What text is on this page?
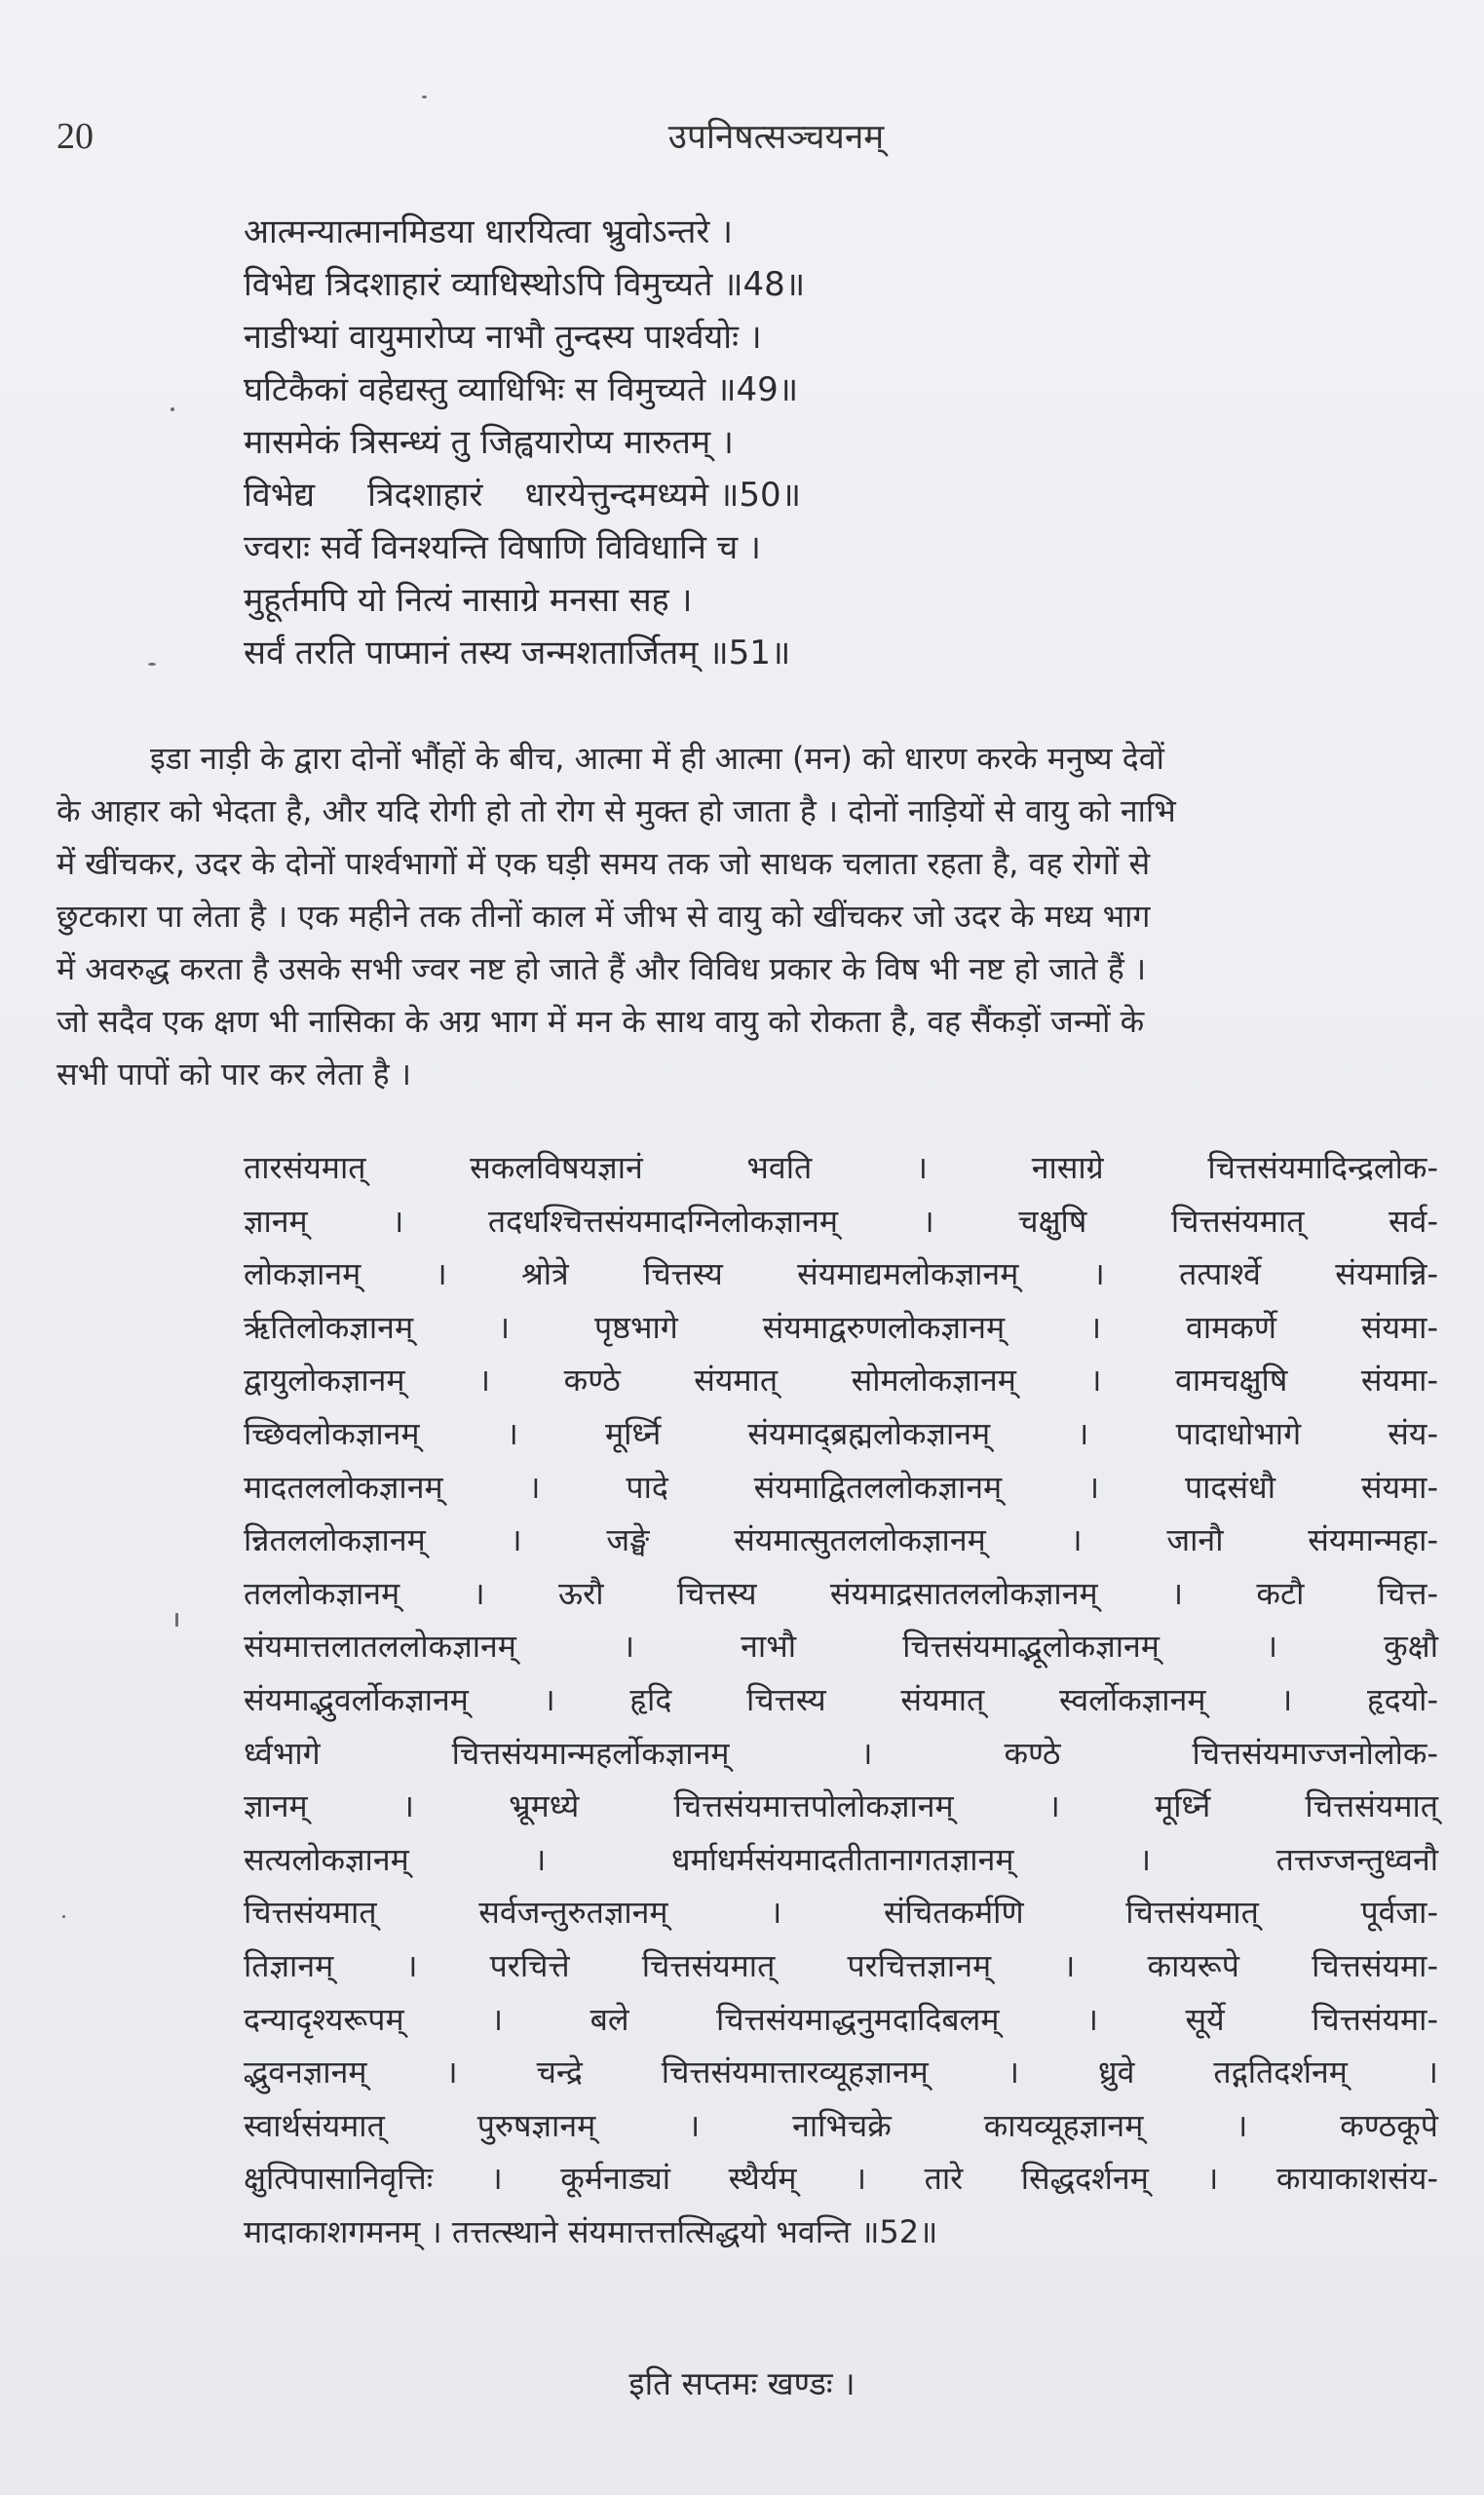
20	उपनिषत्सञ्चयनम्
आत्मन्यात्मानमिडया धारयित्वा भ्रुवोऽन्तरे ।
विभेद्य त्रिदशाहारं व्याधिस्थोऽपि विमुच्यते ॥48॥
नाडीभ्यां वायुमारोप्य नाभौ तुन्दस्य पार्श्वयोः ।
घटिकैकां वहेद्यस्तु व्याधिभिः स विमुच्यते ॥49॥
मासमेकं त्रिसन्ध्यं तु जिह्वयारोप्य मारुतम् ।
विभेद्य     त्रिदशाहारं    धारयेत्तुन्दमध्यमे ॥50॥
ज्वराः सर्वे विनश्यन्ति विषाणि विविधानि च ।
मुहूर्तमपि यो नित्यं नासाग्रे मनसा सह ।
सर्वं तरति पाप्मानं तस्य जन्मशतार्जितम् ॥51॥
इडा नाड़ी के द्वारा दोनों भौंहों के बीच, आत्मा में ही आत्मा (मन) को धारण करके मनुष्य देवों
के आहार को भेदता है, और यदि रोगी हो तो रोग से मुक्त हो जाता है । दोनों नाड़ियों से वायु को नाभि
में खींचकर, उदर के दोनों पार्श्वभागों में एक घड़ी समय तक जो साधक चलाता रहता है, वह रोगों से
छुटकारा पा लेता है । एक महीने तक तीनों काल में जीभ से वायु को खींचकर जो उदर के मध्य भाग
में अवरुद्ध करता है उसके सभी ज्वर नष्ट हो जाते हैं और विविध प्रकार के विष भी नष्ट हो जाते हैं ।
जो सदैव एक क्षण भी नासिका के अग्र भाग में मन के साथ वायु को रोकता है, वह सैंकड़ों जन्मों के
सभी पापों को पार कर लेता है ।
तारसंयमात् सकलविषयज्ञानं भवति । नासाग्रे चित्तसंयमादिन्द्रलोक-
ज्ञानम् । तदधश्चित्तसंयमादग्निलोकज्ञानम् । चक्षुषि चित्तसंयमात् सर्व-
लोकज्ञानम् । श्रोत्रे चित्तस्य संयमाद्यमलोकज्ञानम् । तत्पार्श्वे संयमान्नि-
र्ऋतिलोकज्ञानम् । पृष्ठभागे संयमाद्वरुणलोकज्ञानम् । वामकर्णे संयमा-
द्वायुलोकज्ञानम् । कण्ठे संयमात् सोमलोकज्ञानम् । वामचक्षुषि संयमा-
च्छिवलोकज्ञानम् । मूर्ध्नि संयमाद्ब्रह्मलोकज्ञानम् । पादाधोभागे संय-
मादतललोकज्ञानम् । पादे संयमाद्वितललोकज्ञानम् । पादसंधौ संयमा-
न्नितललोकज्ञानम् । जङ्घे संयमात्सुतललोकज्ञानम् । जानौ संयमान्महा-
तललोकज्ञानम् । ऊरौ चित्तस्य संयमाद्रसातललोकज्ञानम् । कटौ चित्त-
संयमात्तलातललोकज्ञानम् । नाभौ चित्तसंयमाद्भूलोकज्ञानम् । कुक्षौ
संयमाद्भुवर्लोकज्ञानम् । हृदि चित्तस्य संयमात् स्वर्लोकज्ञानम् । हृदयो-
र्ध्वभागे चित्तसंयमान्महर्लोकज्ञानम् । कण्ठे चित्तसंयमाज्जनोलोक-
ज्ञानम् । भ्रूमध्ये चित्तसंयमात्तपोलोकज्ञानम् । मूर्ध्नि चित्तसंयमात्
सत्यलोकज्ञानम् । धर्माधर्मसंयमादतीतानागतज्ञानम् । तत्तज्जन्तुध्वनौ
चित्तसंयमात् सर्वजन्तुरुतज्ञानम् । संचितकर्मणि चित्तसंयमात् पूर्वजा-
तिज्ञानम् । परचित्ते चित्तसंयमात् परचित्तज्ञानम् । कायरूपे चित्तसंयमा-
दन्यादृश्यरूपम् । बले चित्तसंयमाद्धनुमदादिबलम् । सूर्ये चित्तसंयमा-
द्भुवनज्ञानम् । चन्द्रे चित्तसंयमात्तारव्यूहज्ञानम् । ध्रुवे तद्गतिदर्शनम् ।
स्वार्थसंयमात् पुरुषज्ञानम् । नाभिचक्रे कायव्यूहज्ञानम् । कण्ठकूपे
क्षुत्पिपासानिवृत्तिः । कूर्मनाड्यां स्थैर्यम् । तारे सिद्धदर्शनम् । कायाकाशसंय-
मादाकाशगमनम् । तत्तत्स्थाने संयमात्तत्तत्सिद्धयो भवन्ति ॥52॥
इति सप्तमः खण्डः ।
